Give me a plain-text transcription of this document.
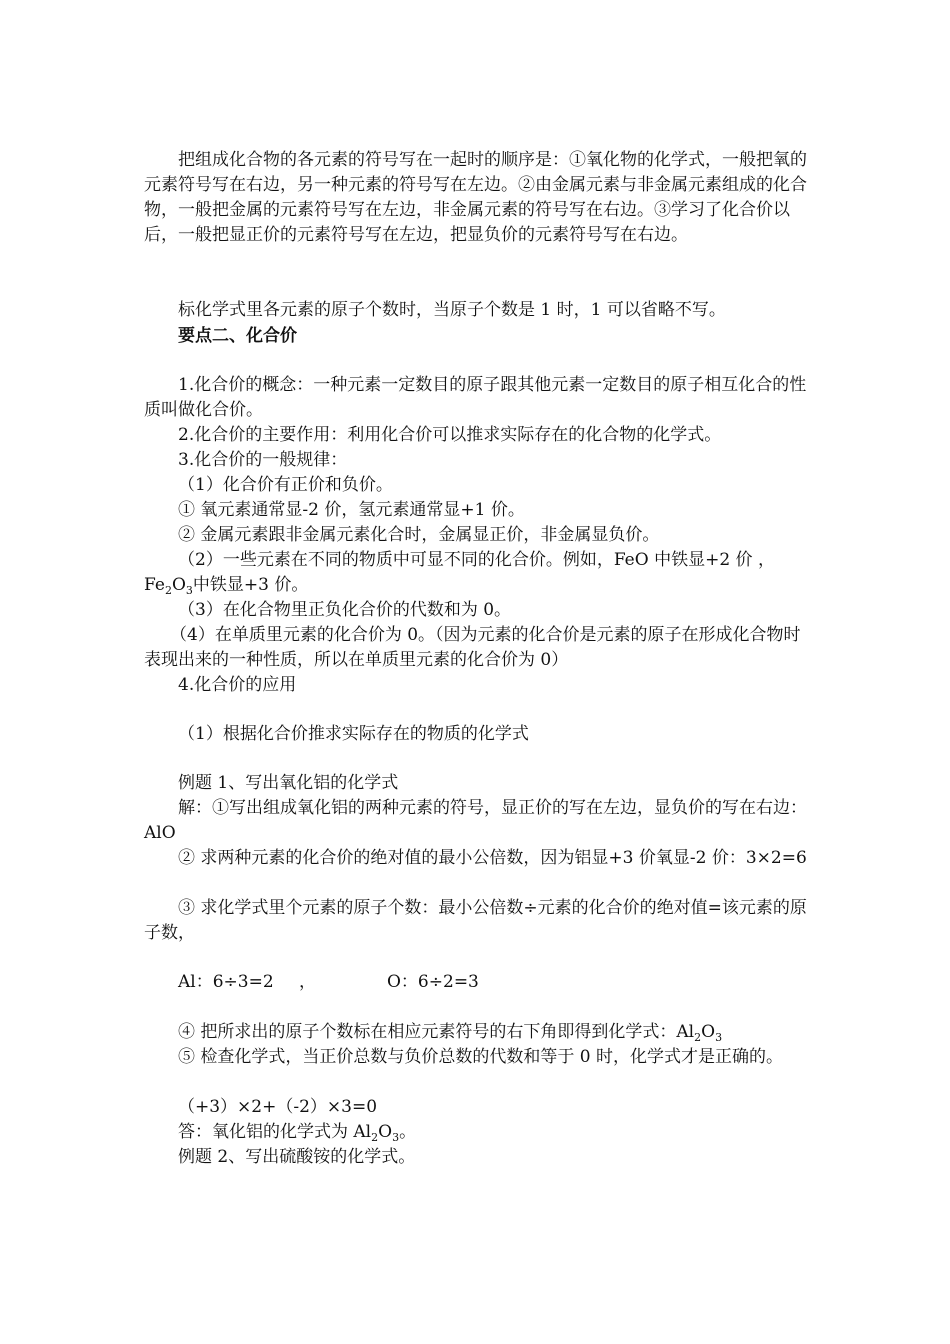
把组成化合物的各元素的符号写在一起时的顺序是：①氧化物的化学式，一般把氧的元素符号写在右边，另一种元素的符号写在左边。②由金属元素与非金属元素组成的化合物，一般把金属的元素符号写在左边，非金属元素的符号写在右边。③学习了化合价以后，一般把显正价的元素符号写在左边，把显负价的元素符号写在右边。

标化学式里各元素的原子个数时，当原子个数是 1 时，1 可以省略不写。

要点二、化合价

1.化合价的概念：一种元素一定数目的原子跟其他元素一定数目的原子相互化合的性质叫做化合价。

2.化合价的主要作用：利用化合价可以推求实际存在的化合物的化学式。

3.化合价的一般规律：

（1）化合价有正价和负价。

① 氧元素通常显-2 价，氢元素通常显+1 价。

② 金属元素跟非金属元素化合时，金属显正价，非金属显负价。

（2）一些元素在不同的物质中可显不同的化合价。例如，FeO 中铁显+2 价 ，$Fe_2O_3$中铁显+3 价。

（3）在化合物里正负化合价的代数和为 0。

（4）在单质里元素的化合价为 0。（因为元素的化合价是元素的原子在形成化合物时表现出来的一种性质，所以在单质里元素的化合价为 0）

4.化合价的应用

（1）根据化合价推求实际存在的物质的化学式

例题 1、写出氧化铝的化学式

解：①写出组成氧化铝的两种元素的符号，显正价的写在左边，显负价的写在右边：AlO

② 求两种元素的化合价的绝对值的最小公倍数，因为铝显+3 价氧显-2 价：3×2=6

③ 求化学式里个元素的原子个数：最小公倍数÷元素的化合价的绝对值=该元素的原子数，

Al：6÷3=2 ，	O：6÷2=3
④ 把所求出的原子个数标在相应元素符号的右下角即得到化学式：$Al_2O_3$

⑤ 检查化学式，当正价总数与负价总数的代数和等于 0 时，化学式才是正确的。

（+3）×2+（-2）×3=0

答：氧化铝的化学式为 $Al_2O_3$。

例题 2、写出硫酸铵的化学式。
